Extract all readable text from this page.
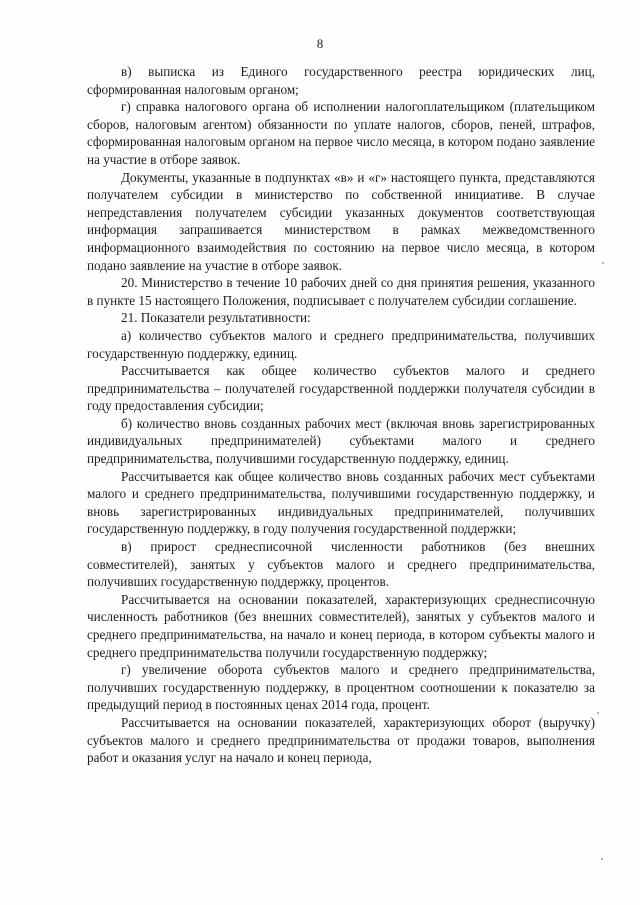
8

в) выписка из Единого государственного реестра юридических лиц, сформированная налоговым органом;

г) справка налогового органа об исполнении налогоплательщиком (плательщиком сборов, налоговым агентом) обязанности по уплате налогов, сборов, пеней, штрафов, сформированная налоговым органом на первое число месяца, в котором подано заявление на участие в отборе заявок.

Документы, указанные в подпунктах «в» и «г» настоящего пункта, представляются получателем субсидии в министерство по собственной инициативе. В случае непредставления получателем субсидии указанных документов соответствующая информация запрашивается министерством в рамках межведомственного информационного взаимодействия по состоянию на первое число месяца, в котором подано заявление на участие в отборе заявок.

20. Министерство в течение 10 рабочих дней со дня принятия решения, указанного в пункте 15 настоящего Положения, подписывает с получателем субсидии соглашение.

21. Показатели результативности:

а) количество субъектов малого и среднего предпринимательства, получивших государственную поддержку, единиц.

Рассчитывается как общее количество субъектов малого и среднего предпринимательства – получателей государственной поддержки получателя субсидии в году предоставления субсидии;

б) количество вновь созданных рабочих мест (включая вновь зарегистрированных индивидуальных предпринимателей) субъектами малого и среднего предпринимательства, получившими государственную поддержку, единиц.

Рассчитывается как общее количество вновь созданных рабочих мест субъектами малого и среднего предпринимательства, получившими государственную поддержку, и вновь зарегистрированных индивидуальных предпринимателей, получивших государственную поддержку, в году получения государственной поддержки;

в) прирост среднесписочной численности работников (без внешних совместителей), занятых у субъектов малого и среднего предпринимательства, получивших государственную поддержку, процентов.

Рассчитывается на основании показателей, характеризующих среднесписочную численность работников (без внешних совместителей), занятых у субъектов малого и среднего предпринимательства, на начало и конец периода, в котором субъекты малого и среднего предпринимательства получили государственную поддержку;

г) увеличение оборота субъектов малого и среднего предпринимательства, получивших государственную поддержку, в процентном соотношении к показателю за предыдущий период в постоянных ценах 2014 года, процент.

Рассчитывается на основании показателей, характеризующих оборот (выручку) субъектов малого и среднего предпринимательства от продажи товаров, выполнения работ и оказания услуг на начало и конец периода,
